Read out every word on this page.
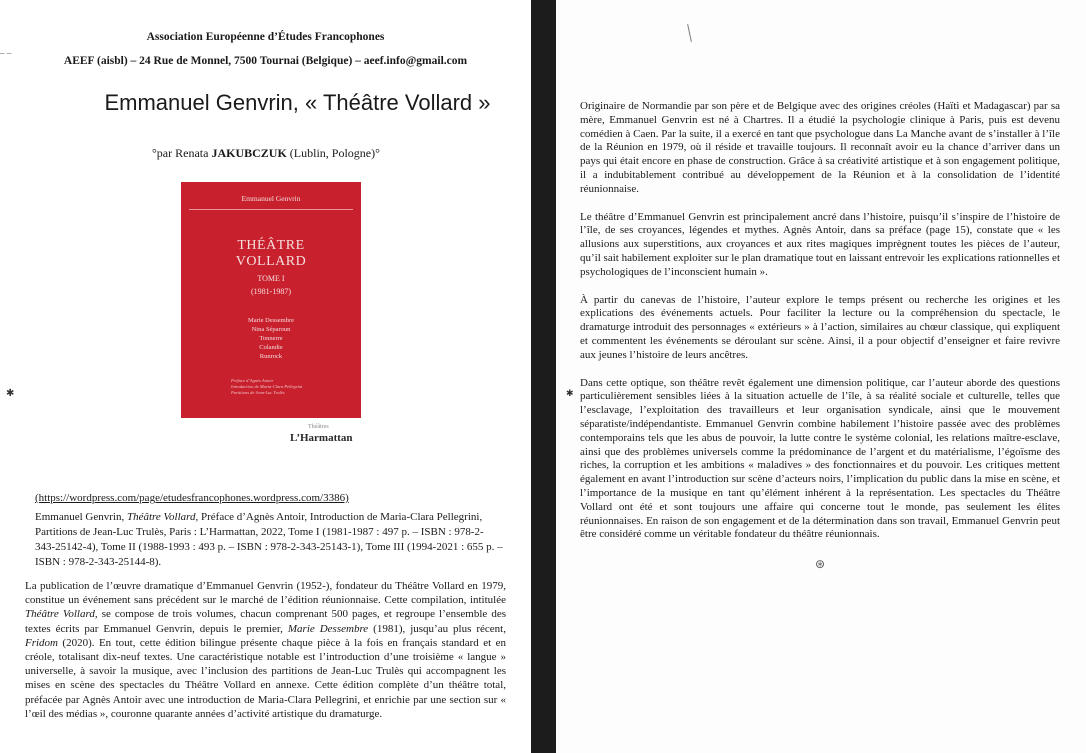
– –
Association Européenne d’Études Francophones
AEEF (aisbl) – 24 Rue de Monnel, 7500 Tournai (Belgique) – aeef.info@gmail.com
Emmanuel Genvrin, « Théâtre Vollard »
°par Renata JAKUBCZUK (Lublin, Pologne)°
Emmanuel Genvrin
THÉÂTRE
VOLLARD
TOME I
(1981-1987)
Marie Dessembre
Nina Séparoun
Tonnerre
Colandie
Runrock
Préface d’Agnès Antoir
Introduction de Maria-Clara Pellegrini
Partitions de Jean-Luc Trulès
Théâtres
L’Harmattan
✱
(https://wordpress.com/page/etudesfrancophones.wordpress.com/3386)
Emmanuel Genvrin, Théâtre Vollard, Préface d’Agnès Antoir, Introduction de Maria-Clara Pellegrini, Partitions de Jean-Luc Trulès, Paris : L’Harmattan, 2022, Tome I (1981-1987 : 497 p. – ISBN : 978-2-343-25142-4), Tome II (1988-1993 : 493 p. – ISBN : 978-2-343-25143-1), Tome III (1994-2021 : 655 p. – ISBN : 978-2-343-25144-8).
La publication de l’œuvre dramatique d’Emmanuel Genvrin (1952-), fondateur du Théâtre Vollard en 1979, constitue un événement sans précédent sur le marché de l’édition réunionnaise. Cette compilation, intitulée Théâtre Vollard, se compose de trois volumes, chacun comprenant 500 pages, et regroupe l’ensemble des textes écrits par Emmanuel Genvrin, depuis le premier, Marie Dessembre (1981), jusqu’au plus récent, Fridom (2020). En tout, cette édition bilingue présente chaque pièce à la fois en français standard et en créole, totalisant dix-neuf textes. Une caractéristique notable est l’introduction d’une troisième « langue » universelle, à savoir la musique, avec l’inclusion des partitions de Jean-Luc Trulès qui accompagnent les mises en scène des spectacles du Théâtre Vollard en annexe. Cette édition complète d’un théâtre total, préfacée par Agnès Antoir avec une introduction de Maria-Clara Pellegrini, et enrichie par une section sur « l’œil des médias », couronne quarante années d’activité artistique du dramaturge.
✱

Originaire de Normandie par son père et de Belgique avec des origines créoles (Haïti et Madagascar) par sa mère, Emmanuel Genvrin est né à Chartres. Il a étudié la psychologie clinique à Paris, puis est devenu comédien à Caen. Par la suite, il a exercé en tant que psychologue dans La Manche avant de s’installer à l’île de la Réunion en 1979, où il réside et travaille toujours. Il reconnaît avoir eu la chance d’arriver dans un pays qui était encore en phase de construction. Grâce à sa créativité artistique et à son engagement politique, il a indubitablement contribué au développement de la Réunion et à la consolidation de l’identité réunionnaise.

Le théâtre d’Emmanuel Genvrin est principalement ancré dans l’histoire, puisqu’il s’inspire de l’histoire de l’île, de ses croyances, légendes et mythes. Agnès Antoir, dans sa préface (page 15), constate que « les allusions aux superstitions, aux croyances et aux rites magiques imprègnent toutes les pièces de l’auteur, qu’il sait habilement exploiter sur le plan dramatique tout en laissant entrevoir les explications rationnelles et psychologiques de l’inconscient humain ».

À partir du canevas de l’histoire, l’auteur explore le temps présent ou recherche les origines et les explications des événements actuels. Pour faciliter la lecture ou la compréhension du spectacle, le dramaturge introduit des personnages « extérieurs » à l’action, similaires au chœur classique, qui expliquent et commentent les événements se déroulant sur scène. Ainsi, il a pour objectif d’enseigner et faire revivre aux jeunes l’histoire de leurs ancêtres.

Dans cette optique, son théâtre revêt également une dimension politique, car l’auteur aborde des questions particulièrement sensibles liées à la situation actuelle de l’île, à sa réalité sociale et culturelle, telles que l’esclavage, l’exploitation des travailleurs et leur organisation syndicale, ainsi que le mouvement séparatiste/indépendantiste. Emmanuel Genvrin combine habilement l’histoire passée avec des problèmes contemporains tels que les abus de pouvoir, la lutte contre le système colonial, les relations maître-esclave, ainsi que des problèmes universels comme la prédominance de l’argent et du matérialisme, l’égoïsme des riches, la corruption et les ambitions « maladives » des fonctionnaires et du pouvoir. Les critiques mettent également en avant l’introduction sur scène d’acteurs noirs, l’implication du public dans la mise en scène, et l’importance de la musique en tant qu’élément inhérent à la représentation. Les spectacles du Théâtre Vollard ont été et sont toujours une affaire qui concerne tout le monde, pas seulement les élites réunionnaises. En raison de son engagement et de la détermination dans son travail, Emmanuel Genvrin peut être considéré comme un véritable fondateur du théâtre réunionnais.

⊛
